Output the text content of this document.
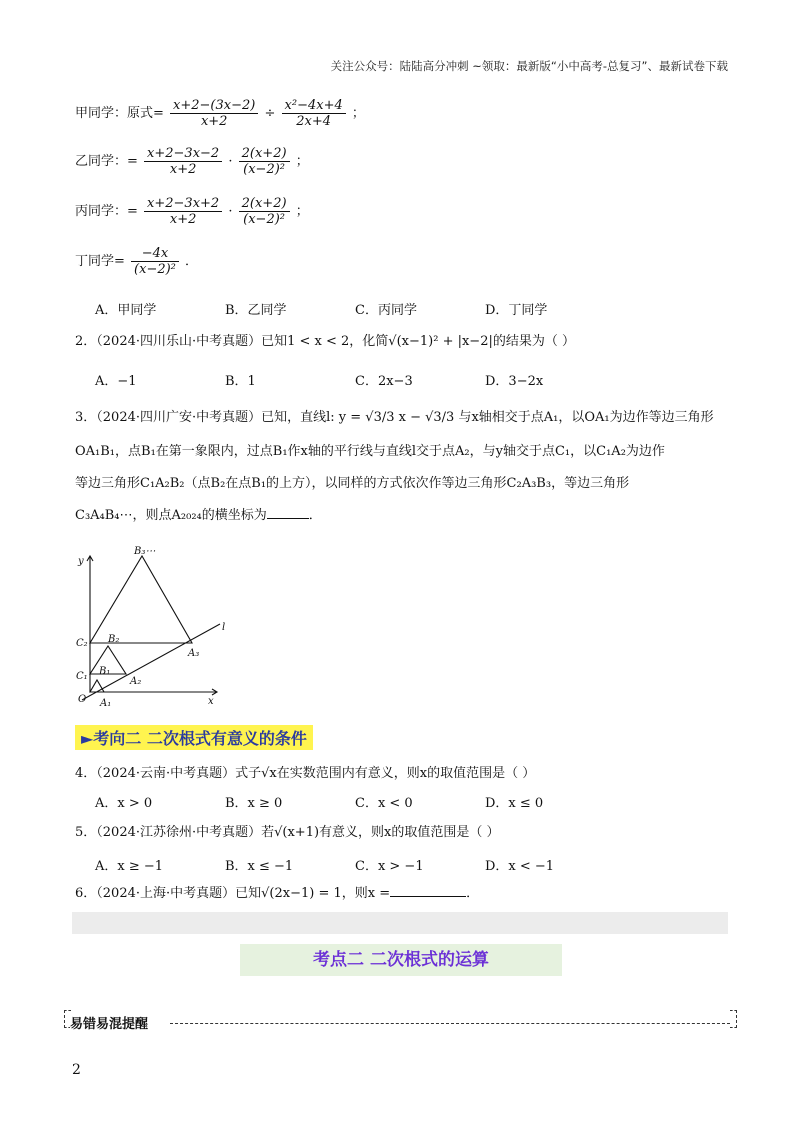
关注公众号：陆陆高分冲刺 ~领取：最新版“小中高考-总复习”、最新试卷下载
甲同学：原式= $\frac{x+2-(3x-2)}{x+2} \div \frac{\text{x²−4x+4}}{2x+4}$ ；
乙同学：= $\frac{x+2-3x-2}{x+2} \cdot \frac{2(x+2)}{\text{(x−2)²}}$ ；
丙同学：= $\frac{x+2-3x+2}{x+2} \cdot \frac{2(x+2)}{\text{(x−2)²}}$ ；
丁同学= $\frac{-4x}{\text{(x−2)²}}$ ．
A．甲同学	B．乙同学	C．丙同学	D．丁同学
2．（2024·四川乐山·中考真题）已知1 < x < 2，化简√(x−1)² + |x−2|的结果为（ ）
A．−1	B．1	C．2x−3	D．3−2x
3．（2024·四川广安·中考真题）已知，直线l: y = √3/3 x − √3/3 与x轴相交于点A₁，以OA₁为边作等边三角形
OA₁B₁，点B₁在第一象限内，过点B₁作x轴的平行线与直线l交于点A₂，与y轴交于点C₁，以C₁A₂为边作
等边三角形C₁A₂B₂（点B₂在点B₁的上方），以同样的方式依次作等边三角形C₂A₃B₃，等边三角形
C₃A₄B₄⋯，则点A₂₀₂₄的横坐标为	．
y
x
l
O A₁
A₂
A₃
B₁
B₂
B₃⋯
C₁
C₂
►考向二 二次根式有意义的条件
4．（2024·云南·中考真题）式子√x在实数范围内有意义，则x的取值范围是（ ）
A．x > 0	B．x ≥ 0	C．x < 0	D．x ≤ 0
5．（2024·江苏徐州·中考真题）若√(x+1)有意义，则x的取值范围是（ ）
A．x ≥ −1	B．x ≤ −1	C．x > −1	D．x < −1
6．（2024·上海·中考真题）已知√(2x−1) = 1，则x =	．
考点二 二次根式的运算
易错易混提醒
2
